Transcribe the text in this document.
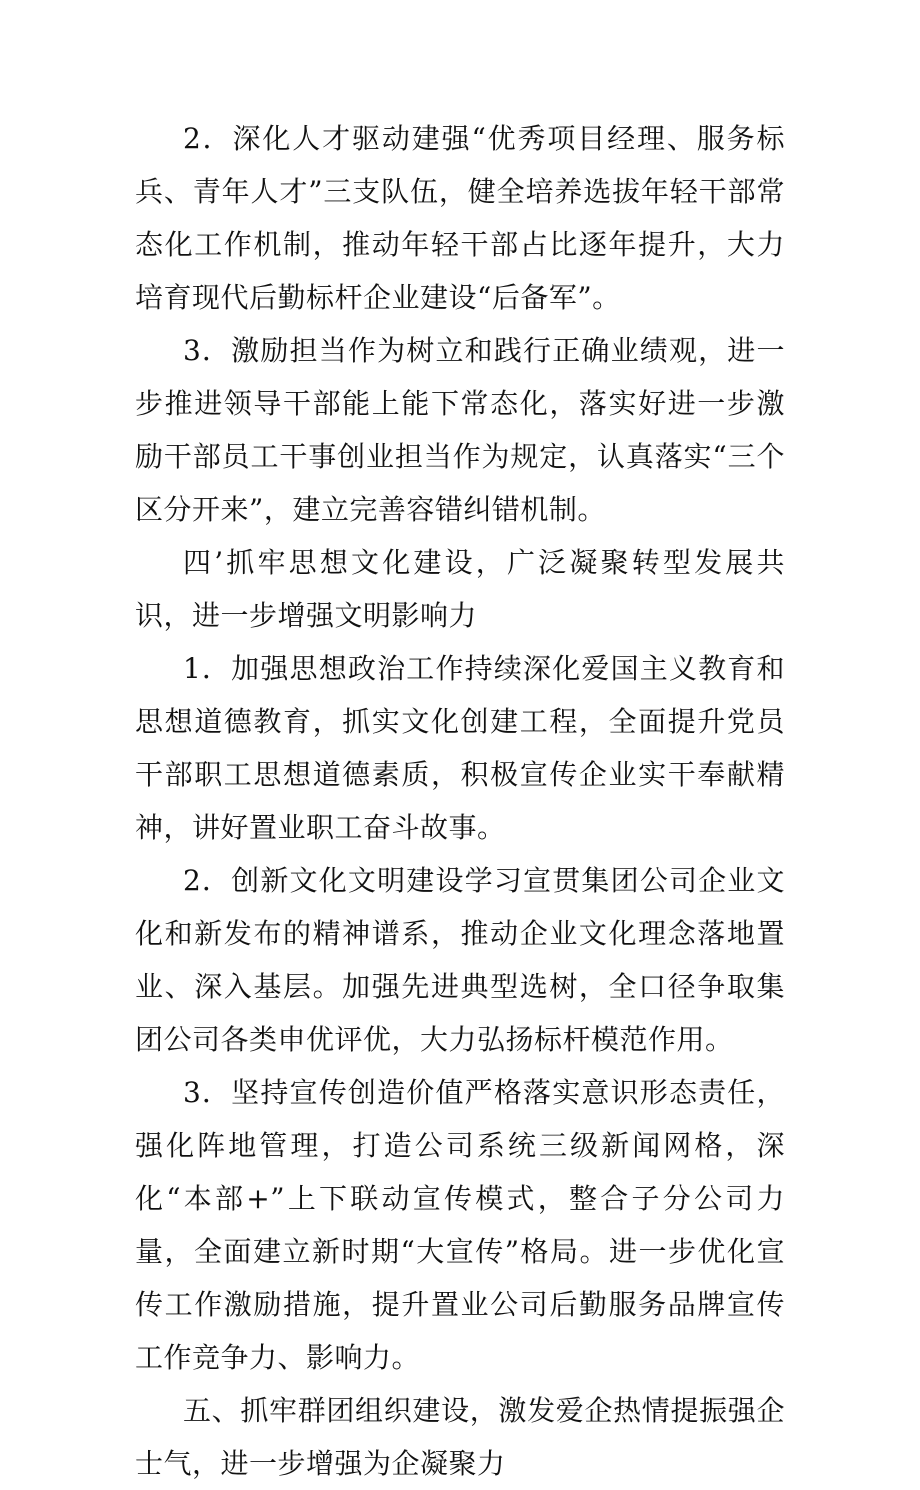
2．深化人才驱动建强“优秀项目经理、服务标兵、青年人才”三支队伍，健全培养选拔年轻干部常态化工作机制，推动年轻干部占比逐年提升，大力培育现代后勤标杆企业建设“后备军”。

3．激励担当作为树立和践行正确业绩观，进一步推进领导干部能上能下常态化，落实好进一步激励干部员工干事创业担当作为规定，认真落实“三个区分开来”，建立完善容错纠错机制。

四’抓牢思想文化建设，广泛凝聚转型发展共识，进一步增强文明影响力

1．加强思想政治工作持续深化爱国主义教育和思想道德教育，抓实文化创建工程，全面提升党员干部职工思想道德素质，积极宣传企业实干奉献精神，讲好置业职工奋斗故事。

2．创新文化文明建设学习宣贯集团公司企业文化和新发布的精神谱系，推动企业文化理念落地置业、深入基层。加强先进典型选树，全口径争取集团公司各类申优评优，大力弘扬标杆模范作用。

3．坚持宣传创造价值严格落实意识形态责任，强化阵地管理，打造公司系统三级新闻网格，深化“本部+”上下联动宣传模式，整合子分公司力量，全面建立新时期“大宣传”格局。进一步优化宣传工作激励措施，提升置业公司后勤服务品牌宣传工作竞争力、影响力。

五、抓牢群团组织建设，激发爱企热情提振强企士气，进一步增强为企凝聚力
